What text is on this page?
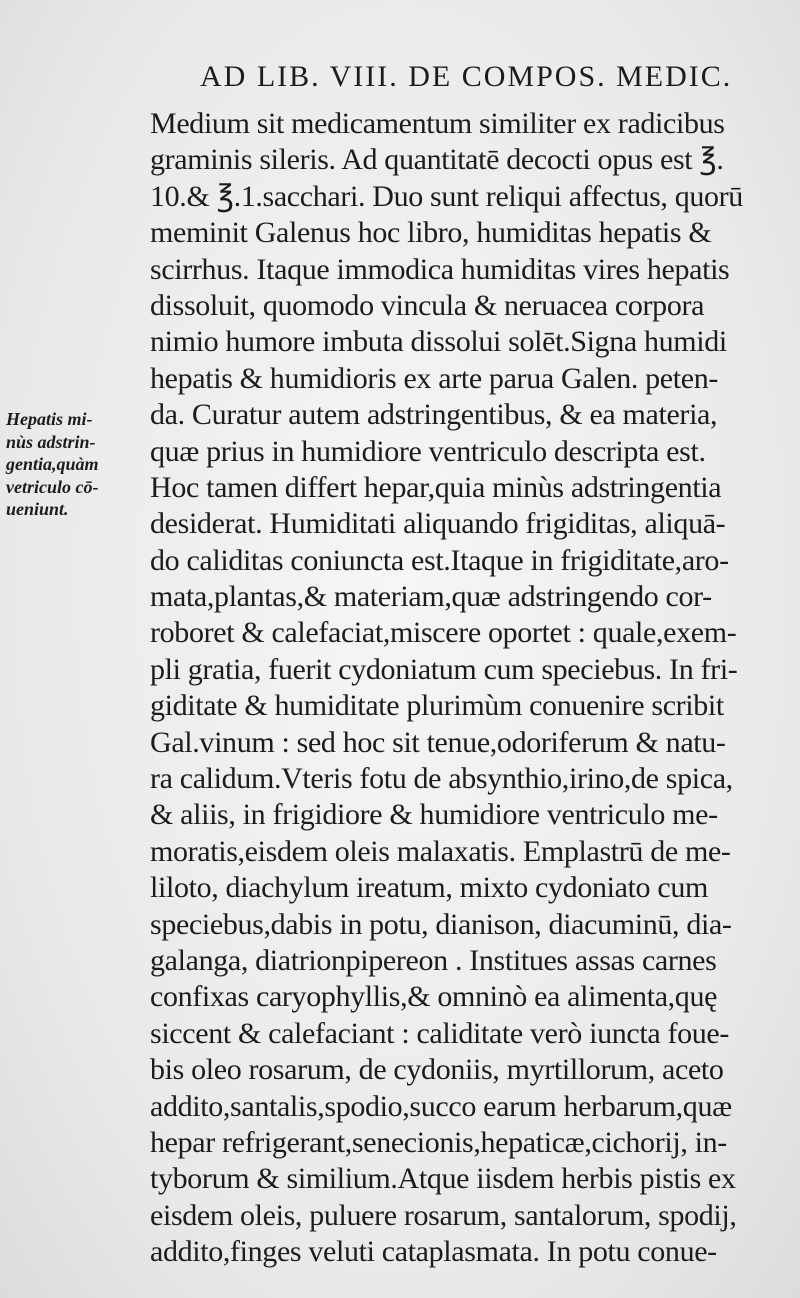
AD LIB. VIII. DE COMPOS. MEDIC.
Hepatis mi-
nùs adstrin-
gentia,quàm
vetriculo cō-
ueniunt.
Medium sit medicamentum similiter ex radicibus
graminis sileris. Ad quantitatē decocti opus est ℥.
10.& ℥.1.sacchari. Duo sunt reliqui affectus, quorū
meminit Galenus hoc libro, humiditas hepatis &
scirrhus. Itaque immodica humiditas vires hepatis
dissoluit, quomodo vincula & neruacea corpora
nimio humore imbuta dissolui solēt.Signa humidi
hepatis & humidioris ex arte parua Galen. peten-
da. Curatur autem adstringentibus, & ea materia,
quæ prius in humidiore ventriculo descripta est.
Hoc tamen differt hepar,quia minùs adstringentia
desiderat. Humiditati aliquando frigiditas, aliquā-
do caliditas coniuncta est.Itaque in frigiditate,aro-
mata,plantas,& materiam,quæ adstringendo cor-
roboret & calefaciat,miscere oportet : quale,exem-
pli gratia, fuerit cydoniatum cum speciebus. In fri-
giditate & humiditate plurimùm conuenire scribit
Gal.vinum : sed hoc sit tenue,odoriferum & natu-
ra calidum.Vteris fotu de absynthio,irino,de spica,
& aliis, in frigidiore & humidiore ventriculo me-
moratis,eisdem oleis malaxatis. Emplastrū de me-
liloto, diachylum ireatum, mixto cydoniato cum
speciebus,dabis in potu, dianison, diacuminū, dia-
galanga, diatrionpipereon . Institues assas carnes
confixas caryophyllis,& omninò ea alimenta,quę
siccent & calefaciant : caliditate verò iuncta foue-
bis oleo rosarum, de cydoniis, myrtillorum, aceto
addito,santalis,spodio,succo earum herbarum,quæ
hepar refrigerant,senecionis,hepaticæ,cichorij, in-
tyborum & similium.Atque iisdem herbis pistis ex
eisdem oleis, puluere rosarum, santalorum, spodij,
addito,finges veluti cataplasmata. In potu conue-
